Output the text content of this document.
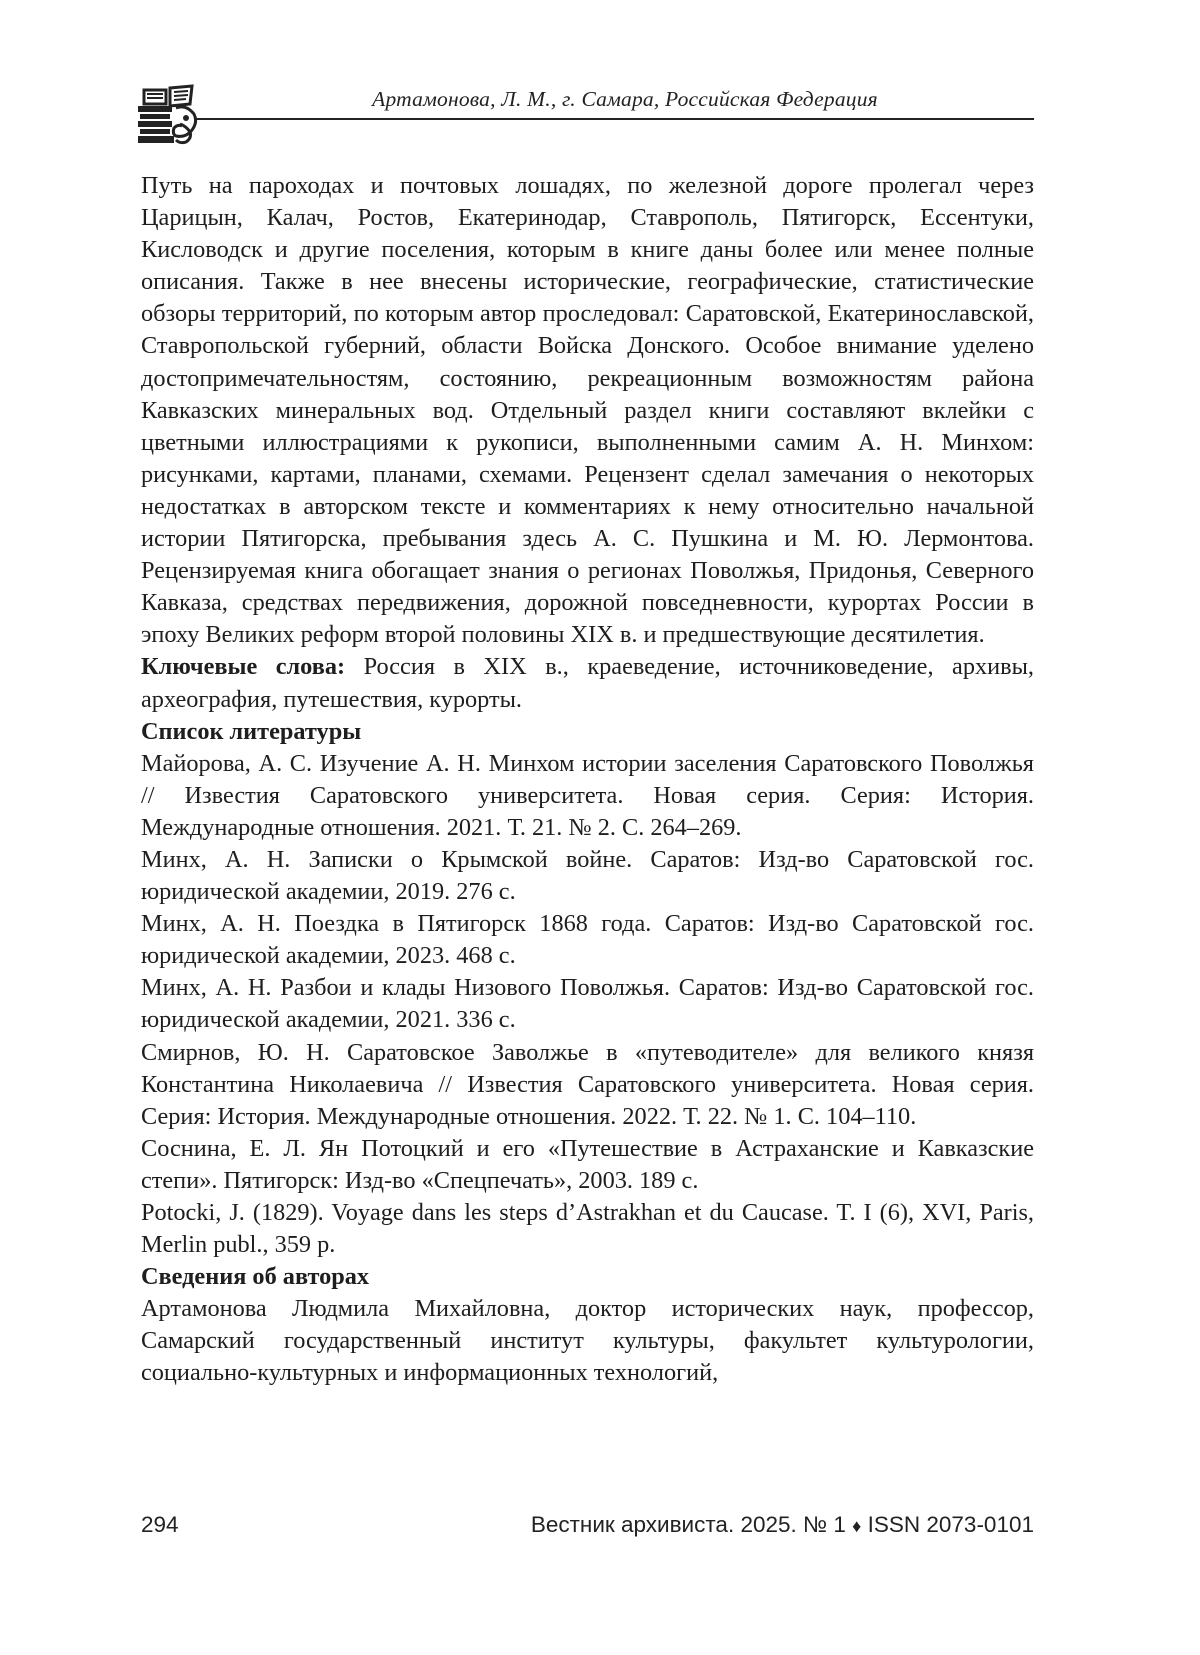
Артамонова, Л. М., г. Самара, Российская Федерация

Путь на пароходах и почтовых лошадях, по железной дороге пролегал через Царицын, Калач, Ростов, Екатеринодар, Ставрополь, Пятигорск, Ессентуки, Кисловодск и другие поселения, которым в книге даны более или менее полные описания. Также в нее внесены исторические, географические, статистические обзоры территорий, по которым автор проследовал: Саратовской, Екатеринославской, Ставропольской губерний, области Войска Донского. Особое внимание уделено достопримечательностям, состоянию, рекреационным возможностям района Кавказских минеральных вод. Отдельный раздел книги составляют вклейки с цветными иллюстрациями к рукописи, выполненными самим А. Н. Минхом: рисунками, картами, планами, схемами. Рецензент сделал замечания о некоторых недостатках в авторском тексте и комментариях к нему относительно начальной истории Пятигорска, пребывания здесь А. С. Пушкина и М. Ю. Лермонтова. Рецензируемая книга обогащает знания о регионах Поволжья, Придонья, Северного Кавказа, средствах передвижения, дорожной повседневности, курортах России в эпоху Великих реформ второй половины XIX в. и предшествующие десятилетия.

Ключевые слова: Россия в XIX в., краеведение, источниковедение, архивы, археография, путешествия, курорты.

Список литературы

Майорова, А. С. Изучение А. Н. Минхом истории заселения Саратовского Поволжья // Известия Саратовского университета. Новая серия. Серия: История. Международные отношения. 2021. Т. 21. № 2. С. 264–269.

Минх, А. Н. Записки о Крымской войне. Саратов: Изд-во Саратовской гос. юридической академии, 2019. 276 с.

Минх, А. Н. Поездка в Пятигорск 1868 года. Саратов: Изд-во Саратовской гос. юридической академии, 2023. 468 с.

Минх, А. Н. Разбои и клады Низового Поволжья. Саратов: Изд-во Саратовской гос. юридической академии, 2021. 336 с.

Смирнов, Ю. Н. Саратовское Заволжье в «путеводителе» для великого князя Константина Николаевича // Известия Саратовского университета. Новая серия. Серия: История. Международные отношения. 2022. Т. 22. № 1. С. 104–110.

Соснина, Е. Л. Ян Потоцкий и его «Путешествие в Астраханские и Кавказские степи». Пятигорск: Изд-во «Спецпечать», 2003. 189 с.

Potocki, J. (1829). Voyage dans les steps d’Astrakhan et du Caucase. T. I (6), XVI, Paris, Merlin publ., 359 p.

Сведения об авторах

Артамонова Людмила Михайловна, доктор исторических наук, профессор, Самарский государственный институт культуры, факультет культурологии, социально-культурных и информационных технологий,

294	Вестник архивиста. 2025. № 1 ♦ ISSN 2073-0101
